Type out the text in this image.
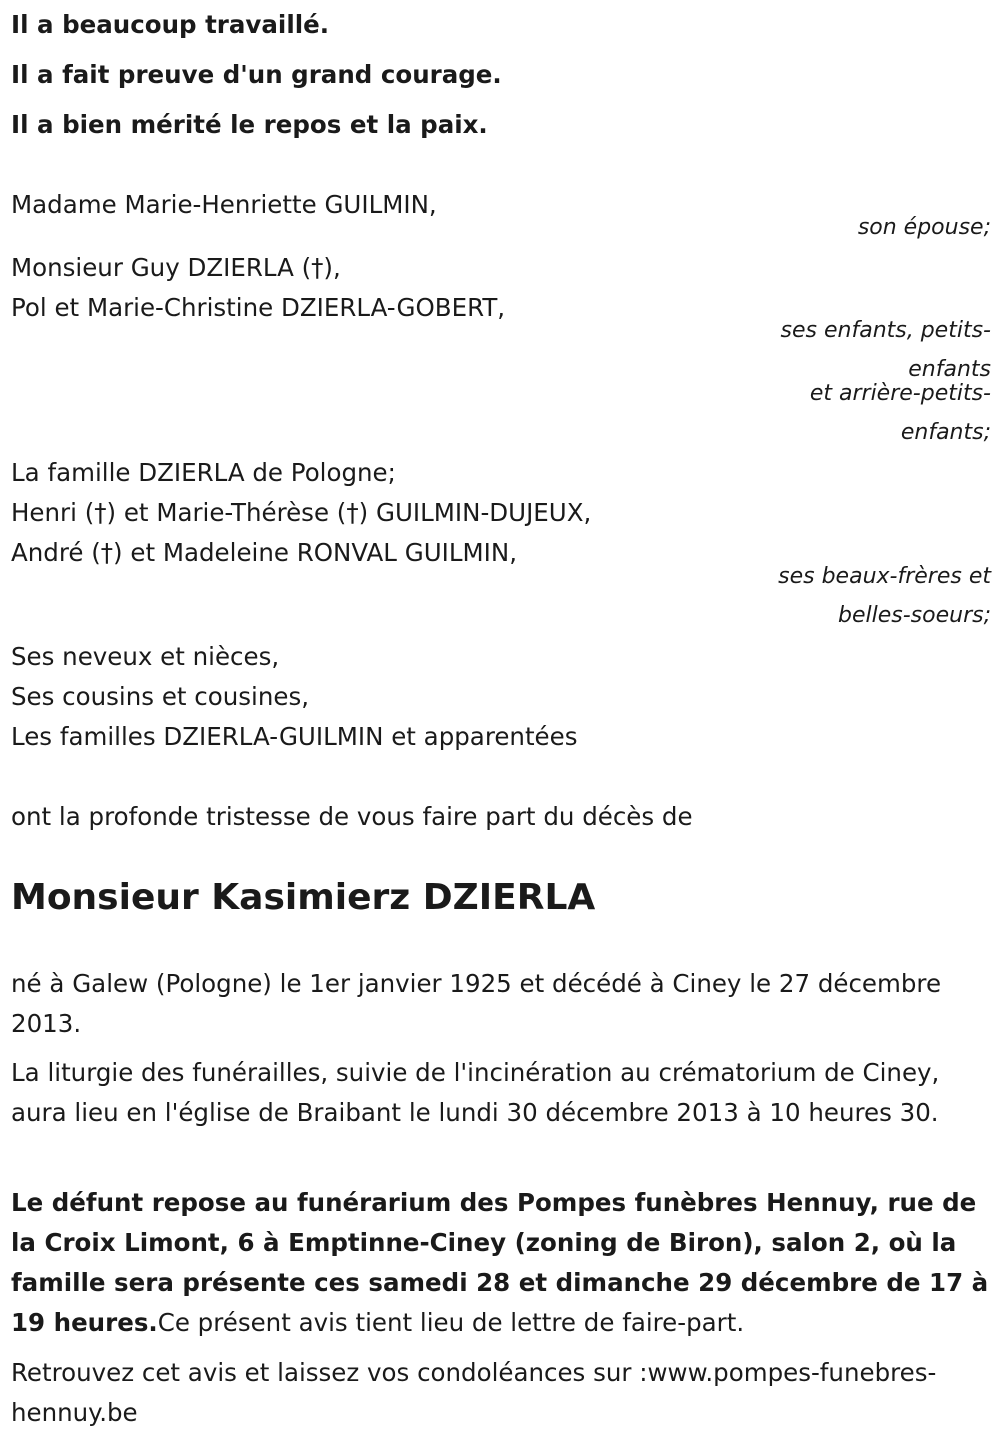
Il a beaucoup travaillé.
Il a fait preuve d'un grand courage.
Il a bien mérité le repos et la paix.
Madame Marie-Henriette GUILMIN,
son épouse;
Monsieur Guy DZIERLA (†),
Pol et Marie-Christine DZIERLA-GOBERT,
ses enfants, petits-
enfants
et arrière-petits-
enfants;
La famille DZIERLA de Pologne;
Henri (†) et Marie-Thérèse (†) GUILMIN-DUJEUX,
André (†) et Madeleine RONVAL GUILMIN,
ses beaux-frères et
belles-soeurs;
Ses neveux et nièces,
Ses cousins et cousines,
Les familles DZIERLA-GUILMIN et apparentées
ont la profonde tristesse de vous faire part du décès de
Monsieur Kasimierz DZIERLA
né à Galew (Pologne) le 1er janvier 1925 et décédé à Ciney le 27 décembre 2013.
La liturgie des funérailles, suivie de l'incinération au crématorium de Ciney, aura lieu en l'église de Braibant le lundi 30 décembre 2013 à 10 heures 30.
Le défunt repose au funérarium des Pompes funèbres Hennuy, rue de la Croix Limont, 6 à Emptinne-Ciney (zoning de Biron), salon 2, où la famille sera présente ces samedi 28 et dimanche 29 décembre de 17 à 19 heures.Ce présent avis tient lieu de lettre de faire-part.
Retrouvez cet avis et laissez vos condoléances sur :www.pompes-funebres-hennuy.be
